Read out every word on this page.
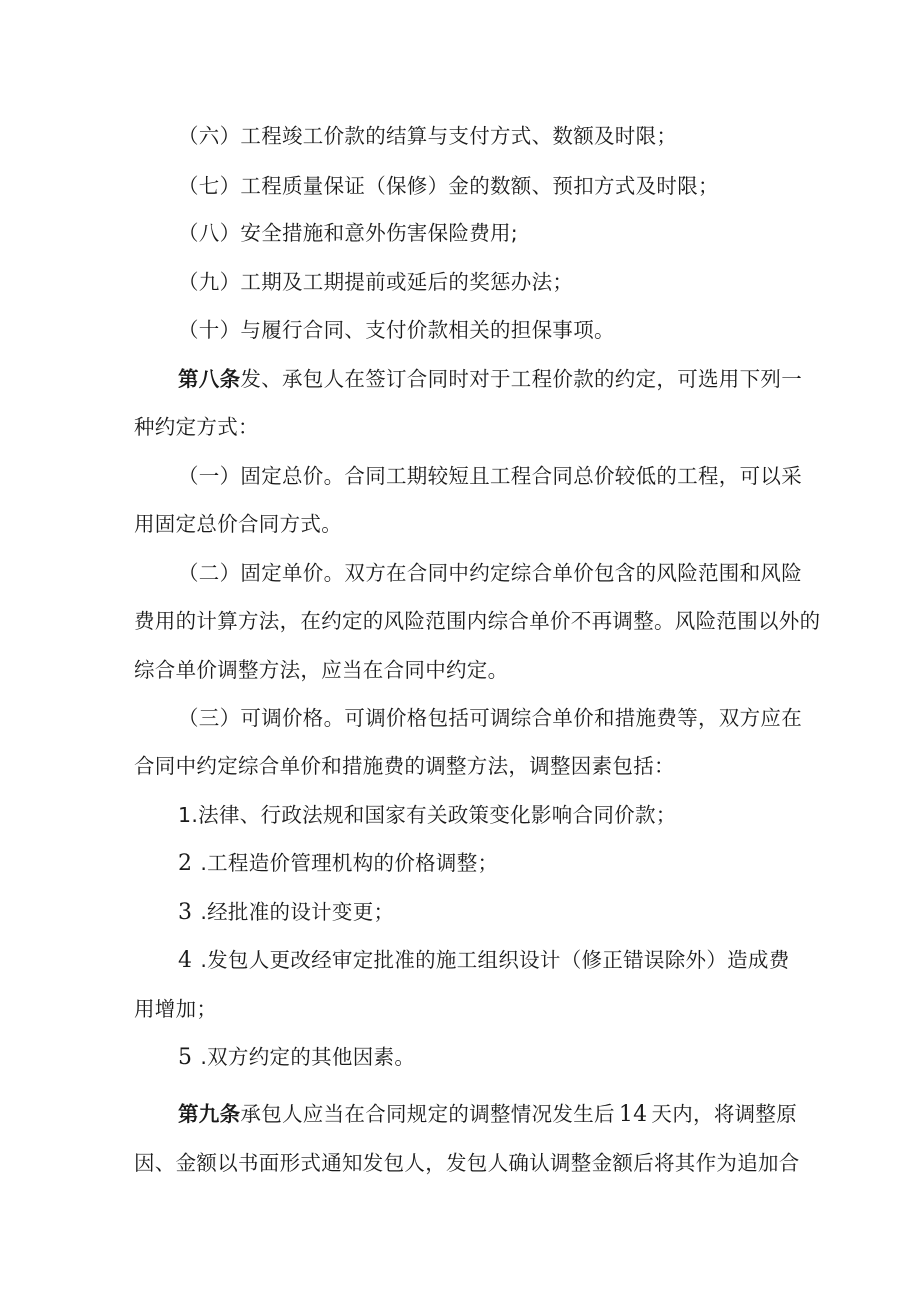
（六）工程竣工价款的结算与支付方式、数额及时限；
（七）工程质量保证（保修）金的数额、预扣方式及时限；
（八）安全措施和意外伤害保险费用;
（九）工期及工期提前或延后的奖惩办法；
（十）与履行合同、支付价款相关的担保事项。
第八条发、承包人在签订合同时对于工程价款的约定，可选用下列一
种约定方式：
（一）固定总价。合同工期较短且工程合同总价较低的工程，可以采
用固定总价合同方式。
（二）固定单价。双方在合同中约定综合单价包含的风险范围和风险
费用的计算方法，在约定的风险范围内综合单价不再调整。风险范围以外的
综合单价调整方法，应当在合同中约定。
（三）可调价格。可调价格包括可调综合单价和措施费等，双方应在
合同中约定综合单价和措施费的调整方法，调整因素包括：
1.法律、行政法规和国家有关政策变化影响合同价款；
2 .工程造价管理机构的价格调整；
3 .经批准的设计变更；
4 .发包人更改经审定批准的施工组织设计（修正错误除外）造成费
用增加；
5 .双方约定的其他因素。
第九条承包人应当在合同规定的调整情况发生后 14 天内，将调整原
因、金额以书面形式通知发包人，发包人确认调整金额后将其作为追加合
